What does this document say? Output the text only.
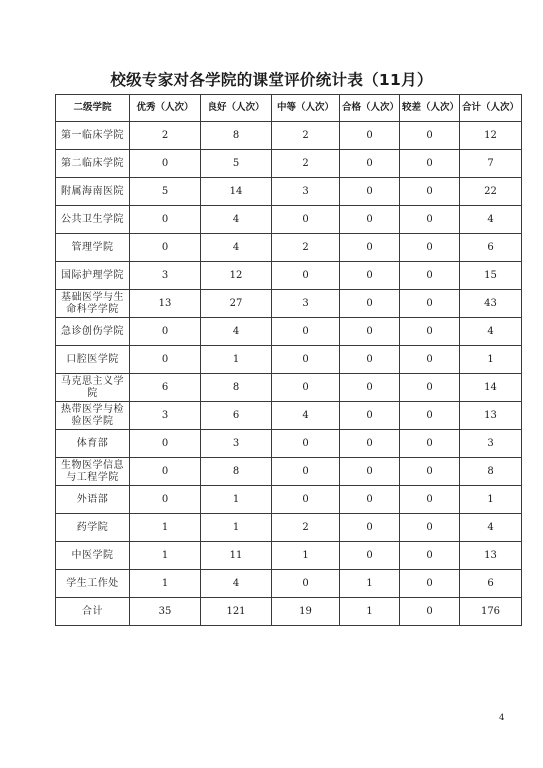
校级专家对各学院的课堂评价统计表（11月）
二级学院	优秀（人次）	良好（人次）	中等（人次）	合格（人次）	较差（人次）	合计（人次）
第一临床学院	2	8	2	0	0	12
第二临床学院	0	5	2	0	0	7
附属海南医院	5	14	3	0	0	22
公共卫生学院	0	4	0	0	0	4
管理学院	0	4	2	0	0	6
国际护理学院	3	12	0	0	0	15
基础医学与生命科学学院	13	27	3	0	0	43
急诊创伤学院	0	4	0	0	0	4
口腔医学院	0	1	0	0	0	1
马克思主义学院	6	8	0	0	0	14
热带医学与检验医学院	3	6	4	0	0	13
体育部	0	3	0	0	0	3
生物医学信息与工程学院	0	8	0	0	0	8
外语部	0	1	0	0	0	1
药学院	1	1	2	0	0	4
中医学院	1	11	1	0	0	13
学生工作处	1	4	0	1	0	6
合计	35	121	19	1	0	176
4
